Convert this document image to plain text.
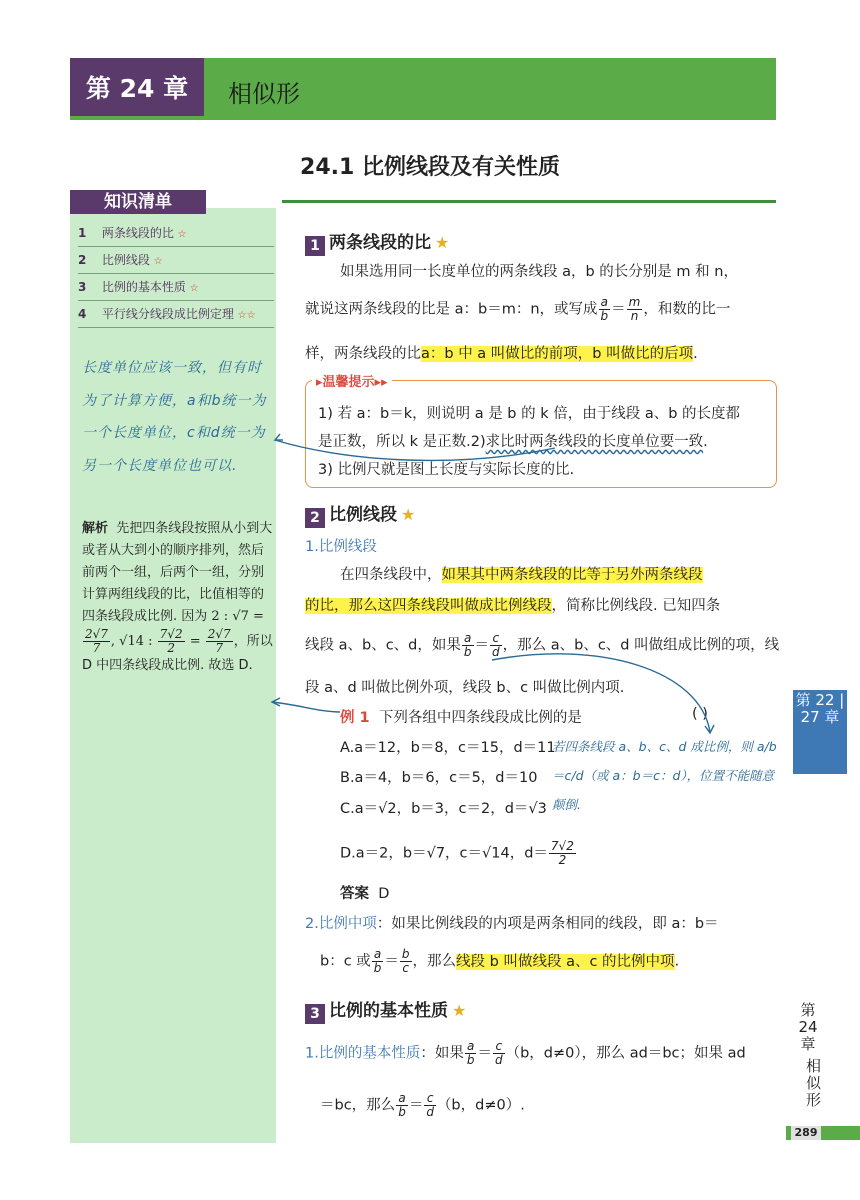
第 24 章	相似形
24.1 比例线段及有关性质
知识清单
1 两条线段的比 ☆
2 比例线段 ☆
3 比例的基本性质 ☆
4 平行线分线段成比例定理 ☆☆
长度单位应该一致，但有时为了计算方便，a和b统一为一个长度单位，c和d统一为另一个长度单位也可以.
解析 先把四条线段按照从小到大或者从大到小的顺序排列，然后前两个一组，后两个一组，分别计算两组线段的比，比值相等的四条线段成比例. 因为 2 : √7 =
$\frac{2√7}{7}$ , √14 : $\frac{7√2}{2} = \frac{2√7}{7}$ ，所以 D 中四条线段成比例. 故选 D.
1 两条线段的比 ★
如果选用同一长度单位的两条线段 a，b 的长分别是 m 和 n，
就说这两条线段的比是 a：b＝m：n，或写成 $\frac{a}{b} = \frac{m}{n}$ ，和数的比一
样，两条线段的比a：b 中 a 叫做比的前项，b 叫做比的后项.
▸温馨提示▸▸
1) 若 a：b＝k，则说明 a 是 b 的 k 倍，由于线段 a、b 的长度都
是正数，所以 k 是正数.2)求比时两条线段的长度单位要一致.
3) 比例尺就是图上长度与实际长度的比.
2 比例线段 ★
1.比例线段
在四条线段中，如果其中两条线段的比等于另外两条线段
的比，那么这四条线段叫做成比例线段，简称比例线段. 已知四条
线段 a、b、c、d，如果 $\frac{a}{b} = \frac{c}{d}$ ，那么 a、b、c、d 叫做组成比例的项，线
段 a、d 叫做比例外项，线段 b、c 叫做比例内项.
例 1 下列各组中四条线段成比例的是	( )
A.a＝12，b＝8，c＝15，d＝11
B.a＝4，b＝6，c＝5，d＝10
C.a＝√2，b＝3，c＝2，d＝√3
D.a＝2，b＝√7，c＝√14，$d= \frac{7√2}{2}$
答案 D
若四条线段 a、b、c、d 成比例，则 a/b＝c/d（或 a：b＝c：d），位置不能随意颠倒.
2.比例中项：如果比例线段的内项是两条相同的线段，即 a：b＝
b：c 或 $\frac{a}{b} = \frac{b}{c}$ ，那么线段 b 叫做线段 a、c 的比例中项.
3 比例的基本性质 ★
1.比例的基本性质：如果 $\frac{a}{b} = \frac{c}{d} (b$，d≠0），那么 ad＝bc；如果 ad
＝bc，那么 $\frac{a}{b} = \frac{c}{d} (b$，d≠0）.
第 22 | 27 章
第 24 章
相似形
289
